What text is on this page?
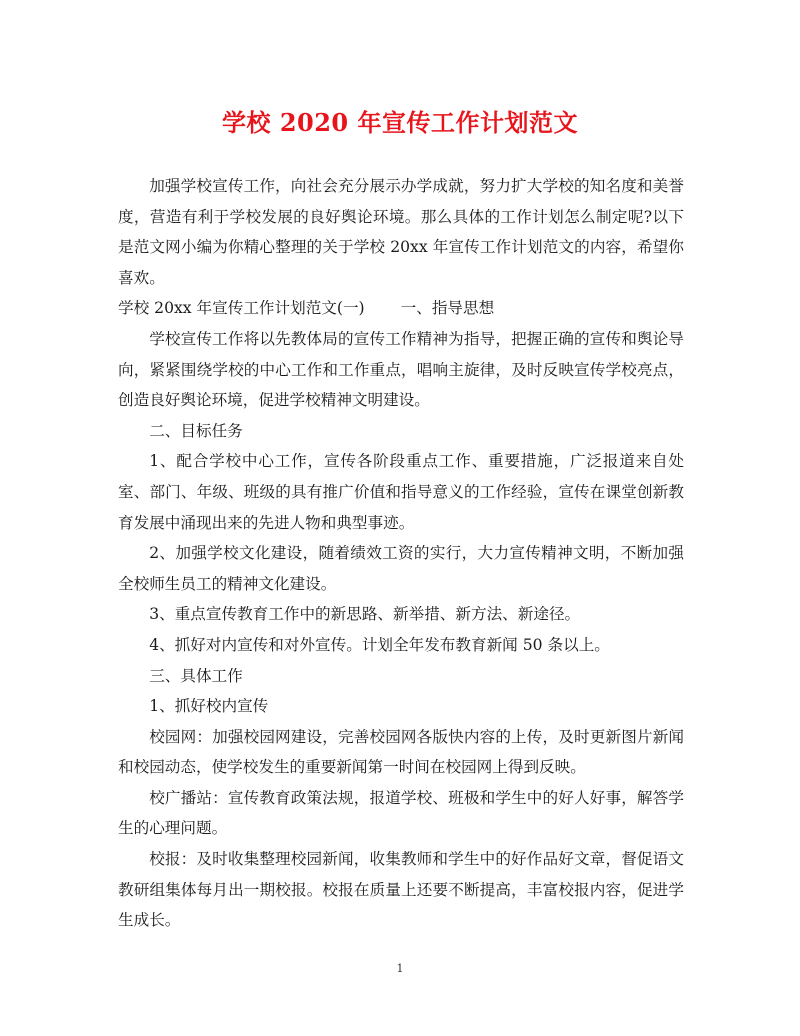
学校 2020 年宣传工作计划范文

加强学校宣传工作，向社会充分展示办学成就，努力扩大学校的知名度和美誉度，营造有利于学校发展的良好舆论环境。那么具体的工作计划怎么制定呢?以下是范文网小编为你精心整理的关于学校 20xx 年宣传工作计划范文的内容，希望你喜欢。

学校 20xx 年宣传工作计划范文(一) 一、指导思想

学校宣传工作将以先教体局的宣传工作精神为指导，把握正确的宣传和舆论导向，紧紧围绕学校的中心工作和工作重点，唱响主旋律，及时反映宣传学校亮点，创造良好舆论环境，促进学校精神文明建设。

二、目标任务

1、配合学校中心工作，宣传各阶段重点工作、重要措施，广泛报道来自处室、部门、年级、班级的具有推广价值和指导意义的工作经验，宣传在课堂创新教育发展中涌现出来的先进人物和典型事迹。

2、加强学校文化建设，随着绩效工资的实行，大力宣传精神文明，不断加强全校师生员工的精神文化建设。

3、重点宣传教育工作中的新思路、新举措、新方法、新途径。

4、抓好对内宣传和对外宣传。计划全年发布教育新闻 50 条以上。

三、具体工作

1、抓好校内宣传

校园网：加强校园网建设，完善校园网各版快内容的上传，及时更新图片新闻和校园动态，使学校发生的重要新闻第一时间在校园网上得到反映。

校广播站：宣传教育政策法规，报道学校、班极和学生中的好人好事，解答学生的心理问题。

校报：及时收集整理校园新闻，收集教师和学生中的好作品好文章，督促语文教研组集体每月出一期校报。校报在质量上还要不断提高，丰富校报内容，促进学生成长。

1
